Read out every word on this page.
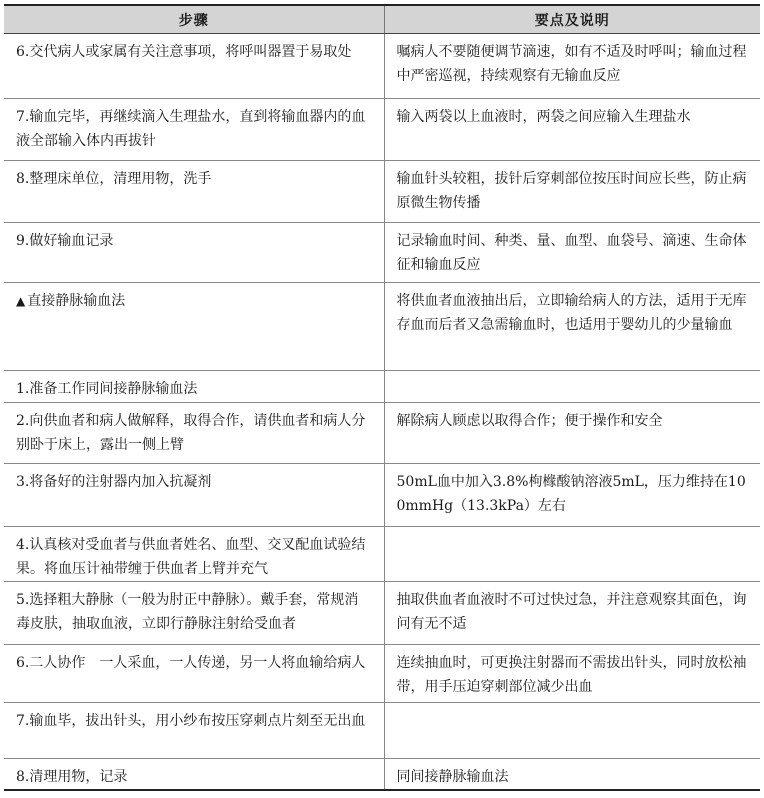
步骤	要点及说明
6.交代病人或家属有关注意事项，将呼叫器置于易取处	嘱病人不要随便调节滴速，如有不适及时呼叫；输血过程中严密巡视，持续观察有无输血反应
7.输血完毕，再继续滴入生理盐水，直到将输血器内的血液全部输入体内再拔针	输入两袋以上血液时，两袋之间应输入生理盐水
8.整理床单位，清理用物，洗手	输血针头较粗，拔针后穿刺部位按压时间应长些，防止病原微生物传播
9.做好输血记录	记录输血时间、种类、量、血型、血袋号、滴速、生命体征和输血反应
▲ 直接静脉输血法	将供血者血液抽出后，立即输给病人的方法，适用于无库存血而后者又急需输血时，也适用于婴幼儿的少量输血
1.准备工作同间接静脉输血法	
2.向供血者和病人做解释，取得合作，请供血者和病人分别卧于床上，露出一侧上臂	解除病人顾虑以取得合作；便于操作和安全
3.将备好的注射器内加入抗凝剂	50mL血中加入3.8%枸橼酸钠溶液5mL，压力维持在100mmHg（13.3kPa）左右
4.认真核对受血者与供血者姓名、血型、交叉配血试验结果。将血压计袖带缠于供血者上臂并充气	
5.选择粗大静脉（一般为肘正中静脉）。戴手套，常规消毒皮肤，抽取血液，立即行静脉注射给受血者	抽取供血者血液时不可过快过急，并注意观察其面色，询问有无不适
6.二人协作　一人采血，一人传递，另一人将血输给病人	连续抽血时，可更换注射器而不需拔出针头，同时放松袖带，用手压迫穿刺部位减少出血
7.输血毕，拔出针头，用小纱布按压穿刺点片刻至无出血	
8.清理用物，记录	同间接静脉输血法
